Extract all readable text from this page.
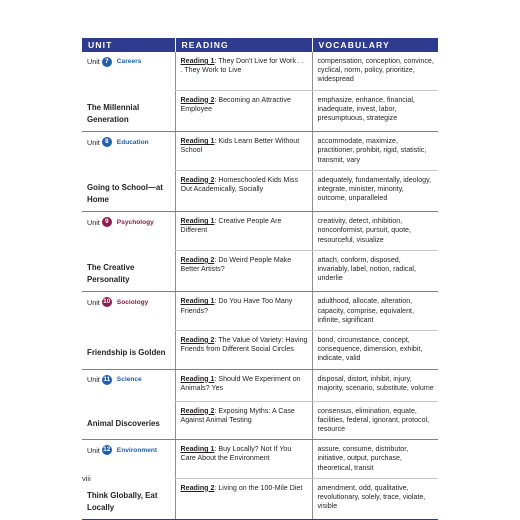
UNIT	READING	VOCABULARY

Unit 7 Careers	Reading 1: They Don't Live for Work . . . They Work to Live	compensation, conception, convince, cyclical, norm, policy, prioritize, widespread

The Millennial Generation	Reading 2: Becoming an Attractive Employee	emphasize, enhance, financial, inadequate, invest, labor, presumptuous, strategize

Unit 8 Education	Reading 1: Kids Learn Better Without School	accommodate, maximize, practitioner, prohibit, rigid, statistic, transmit, vary

Going to School—at Home	Reading 2: Homeschooled Kids Miss Out Academically, Socially	adequately, fundamentally, ideology, integrate, minister, minority, outcome, unparalleled

Unit 9 Psychology	Reading 1: Creative People Are Different	creativity, detect, inhibition, nonconformist, pursuit, quote, resourceful, visualize

The Creative Personality	Reading 2: Do Weird People Make Better Artists?	attach, conform, disposed, invariably, label, notion, radical, underlie

Unit 10 Sociology	Reading 1: Do You Have Too Many Friends?	adulthood, allocate, alteration, capacity, comprise, equivalent, infinite, significant

Friendship is Golden	Reading 2: The Value of Variety: Having Friends from Different Social Circles	bond, circumstance, concept, consequence, dimension, exhibit, indicate, valid

Unit 11 Science	Reading 1: Should We Experiment on Animals? Yes	disposal, distort, inhibit, injury, majority, scenario, substitute, volume

Animal Discoveries	Reading 2: Exposing Myths: A Case Against Animal Testing	consensus, elimination, equate, facilities, federal, ignorant, protocol, resource

Unit 12 Environment	Reading 1: Buy Locally? Not If You Care About the Environment	assure, consume, distributor, initiative, output, purchase, theoretical, transit

Think Globally, Eat Locally	Reading 2: Living on the 100-Mile Diet	amendment, odd, qualitative, revolutionary, solely, trace, violate, visible
viii
